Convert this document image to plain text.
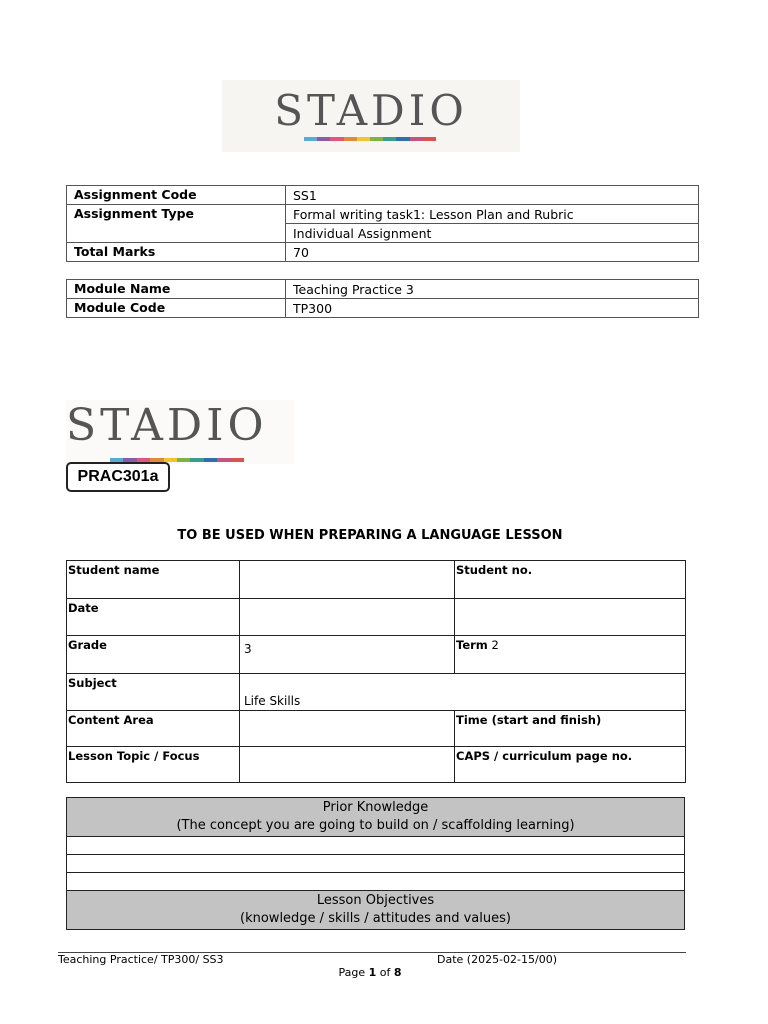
STADIO
Assignment Code	SS1
Assignment Type	Formal writing task1: Lesson Plan and Rubric
	Individual Assignment
Total Marks	70
Module Name	Teaching Practice 3
Module Code	TP300
STADIO
PRAC301a
TO BE USED WHEN PREPARING A LANGUAGE LESSON
Student name		Student no.
Date		
Grade	3	Term 2
Subject	Life Skills	
Content Area		Time (start and finish)
Lesson Topic / Focus		CAPS / curriculum page no.
Prior Knowledge
(The concept you are going to build on / scaffolding learning)

Lesson Objectives
(knowledge / skills / attitudes and values)
Teaching Practice/ TP300/ SS3	Date (2025-02-15/00)
Page 1 of 8
